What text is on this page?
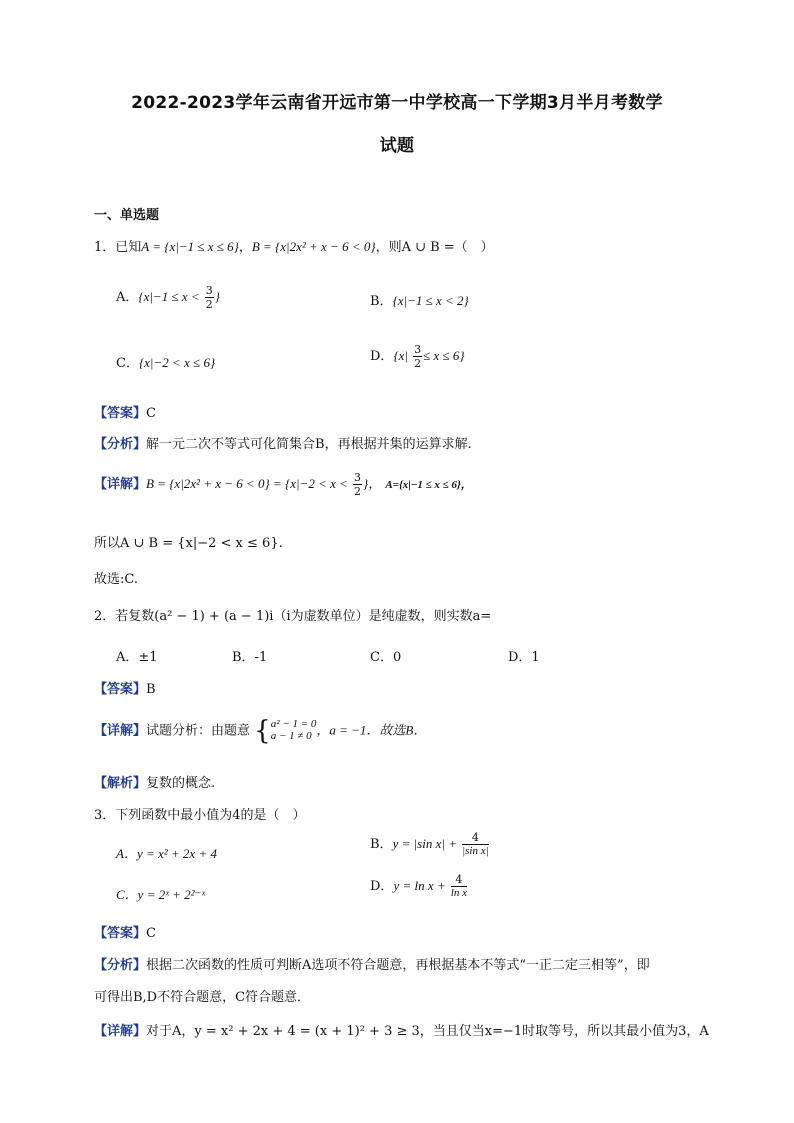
2022-2023学年云南省开远市第一中学校高一下学期3月半月考数学
试题
一、单选题
1．已知A = {x|−1 ≤ x ≤ 6}，B = {x|2x² + x − 6 < 0}，则A ∪ B =（　）
A．{$x|-1 \le x < \frac{3}{2}$ }	B．{x|−1 ≤ x < 2}
C．{x|−2 < x ≤ 6}	D．$\{x| \frac{3}{2} \le x \le 6\}$
【答案】C
【分析】解一元二次不等式可化简集合B，再根据并集的运算求解.
【详解】$B = \{x|2x^2 + x - 6 < 0\} = \{x|-2 < x < \frac{3}{2}$ }， A={x|−1 ≤ x ≤ 6}，
所以A ∪ B = {x|−2 < x ≤ 6}.
故选:C.
2．若复数(a² − 1) + (a − 1)i（i为虚数单位）是纯虚数，则实数a=
A．±1	B．-1	C．0	D．1
【答案】B
【详解】试题分析：由题意 { a² − 1 = 0
a − 1 ≠ 0 ，a = −1．故选B．
【解析】复数的概念.
3．下列函数中最小值为4的是（　）
A．y = x² + 2x + 4
B．y = |sin $x| + \frac{4}{\text{|sin x|}}$
C．y = 2ˣ + 2²⁻ˣ
D．$y = \ln x + \frac{4}{\text{ln x}}$
【答案】C
【分析】根据二次函数的性质可判断A选项不符合题意，再根据基本不等式“一正二定三相等”，即
可得出B,D不符合题意，C符合题意．
【详解】对于A，y = x² + 2x + 4 = (x + 1)² + 3 ≥ 3，当且仅当x=−1时取等号，所以其最小值为3，A
